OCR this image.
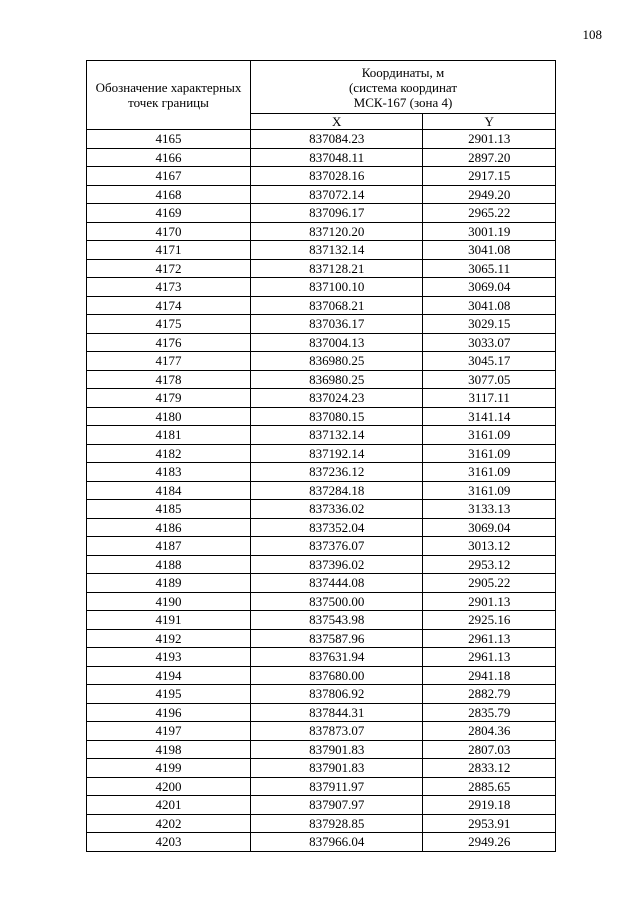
108
Обозначение характерных точек границы	Координаты, м
(система координат
МСК-167 (зона 4)	

	X	Y
4165	837084.23	2901.13
4166	837048.11	2897.20
4167	837028.16	2917.15
4168	837072.14	2949.20
4169	837096.17	2965.22
4170	837120.20	3001.19
4171	837132.14	3041.08
4172	837128.21	3065.11
4173	837100.10	3069.04
4174	837068.21	3041.08
4175	837036.17	3029.15
4176	837004.13	3033.07
4177	836980.25	3045.17
4178	836980.25	3077.05
4179	837024.23	3117.11
4180	837080.15	3141.14
4181	837132.14	3161.09
4182	837192.14	3161.09
4183	837236.12	3161.09
4184	837284.18	3161.09
4185	837336.02	3133.13
4186	837352.04	3069.04
4187	837376.07	3013.12
4188	837396.02	2953.12
4189	837444.08	2905.22
4190	837500.00	2901.13
4191	837543.98	2925.16
4192	837587.96	2961.13
4193	837631.94	2961.13
4194	837680.00	2941.18
4195	837806.92	2882.79
4196	837844.31	2835.79
4197	837873.07	2804.36
4198	837901.83	2807.03
4199	837901.83	2833.12
4200	837911.97	2885.65
4201	837907.97	2919.18
4202	837928.85	2953.91
4203	837966.04	2949.26
